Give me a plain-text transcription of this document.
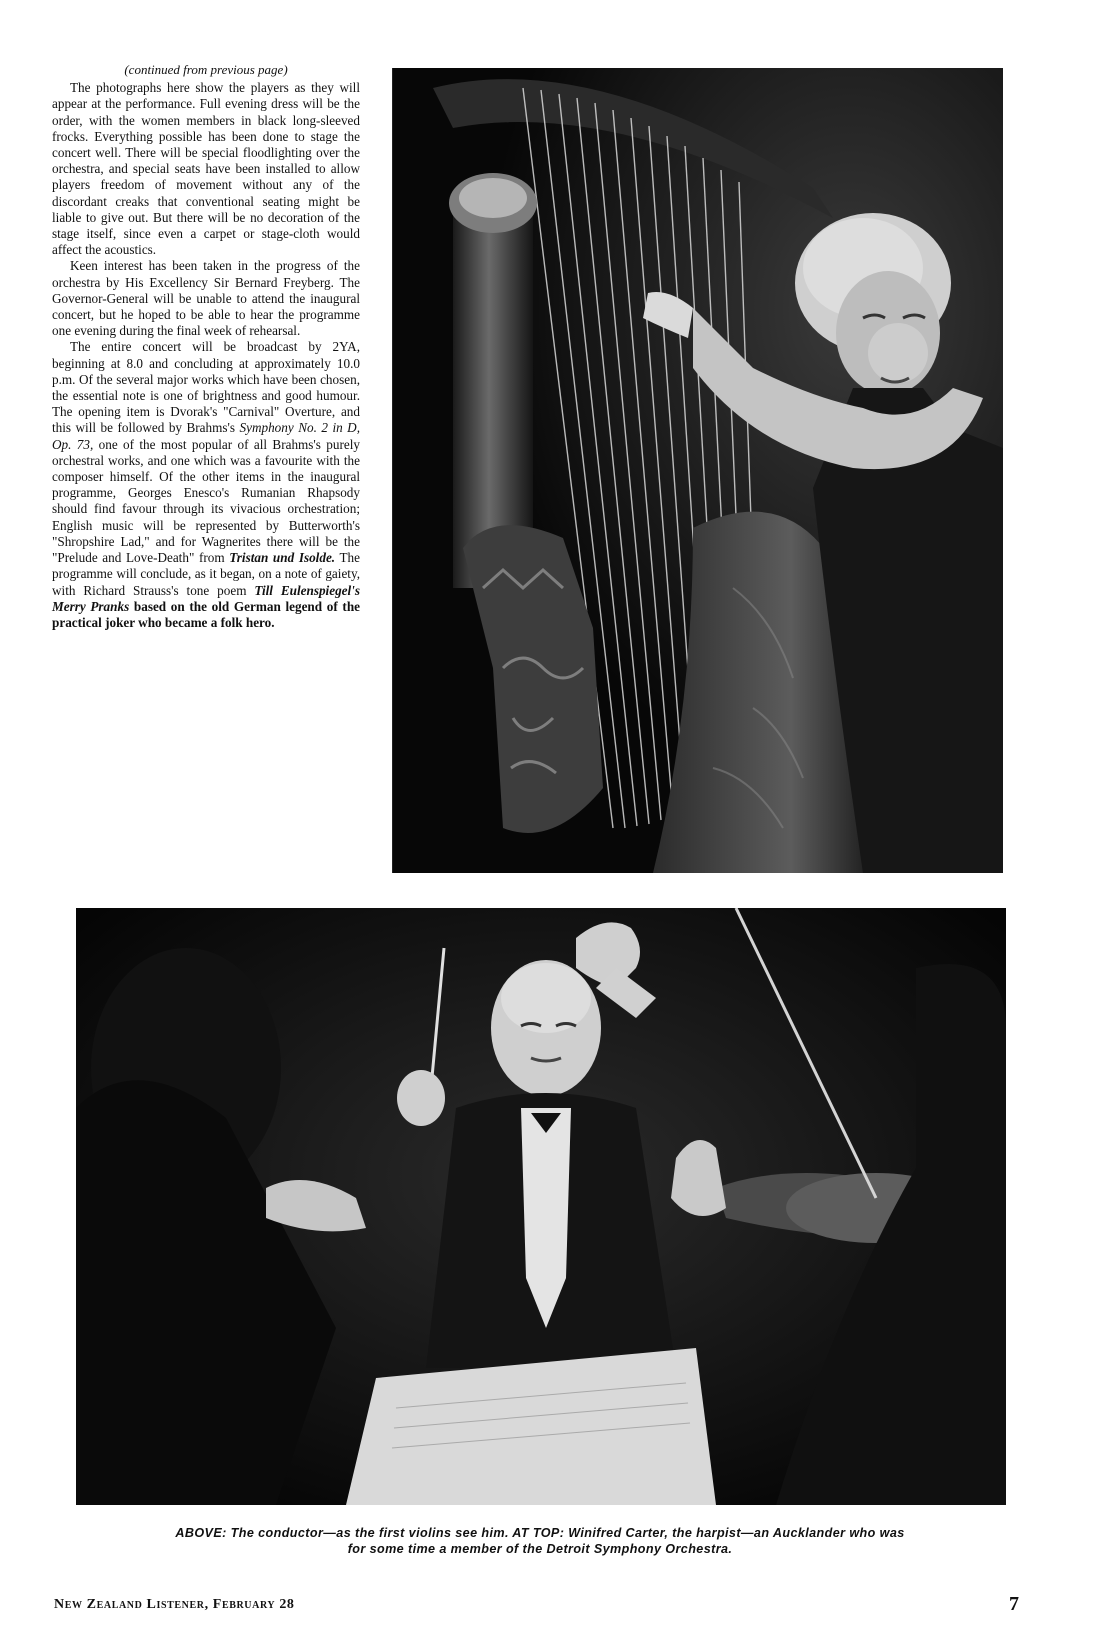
(continued from previous page)

The photographs here show the players as they will appear at the performance. Full evening dress will be the order, with the women members in black long-sleeved frocks. Everything possible has been done to stage the concert well. There will be special floodlighting over the orchestra, and special seats have been installed to allow players freedom of movement without any of the discordant creaks that conventional seating might be liable to give out. But there will be no decoration of the stage itself, since even a carpet or stage-cloth would affect the acoustics.

Keen interest has been taken in the progress of the orchestra by His Excellency Sir Bernard Freyberg. The Governor-General will be unable to attend the inaugural concert, but he hoped to be able to hear the programme one evening during the final week of rehearsal.

The entire concert will be broadcast by 2YA, beginning at 8.0 and concluding at approximately 10.0 p.m. Of the several major works which have been chosen, the essential note is one of brightness and good humour. The opening item is Dvorak's "Carnival" Overture, and this will be followed by Brahms's Symphony No. 2 in D, Op. 73, one of the most popular of all Brahms's purely orchestral works, and one which was a favourite with the composer himself. Of the other items in the inaugural programme, Georges Enesco's Rumanian Rhapsody should find favour through its vivacious orchestration; English music will be represented by Butterworth's "Shropshire Lad," and for Wagnerites there will be the "Prelude and Love-Death" from Tristan und Isolde. The programme will conclude, as it began, on a note of gaiety, with Richard Strauss's tone poem Till Eulenspiegel's Merry Pranks based on the old German legend of the practical joker who became a folk hero.

ABOVE: The conductor—as the first violins see him. AT TOP: Winifred Carter, the harpist—an Aucklander who was
for some time a member of the Detroit Symphony Orchestra.
New Zealand Listener, February 28	7
